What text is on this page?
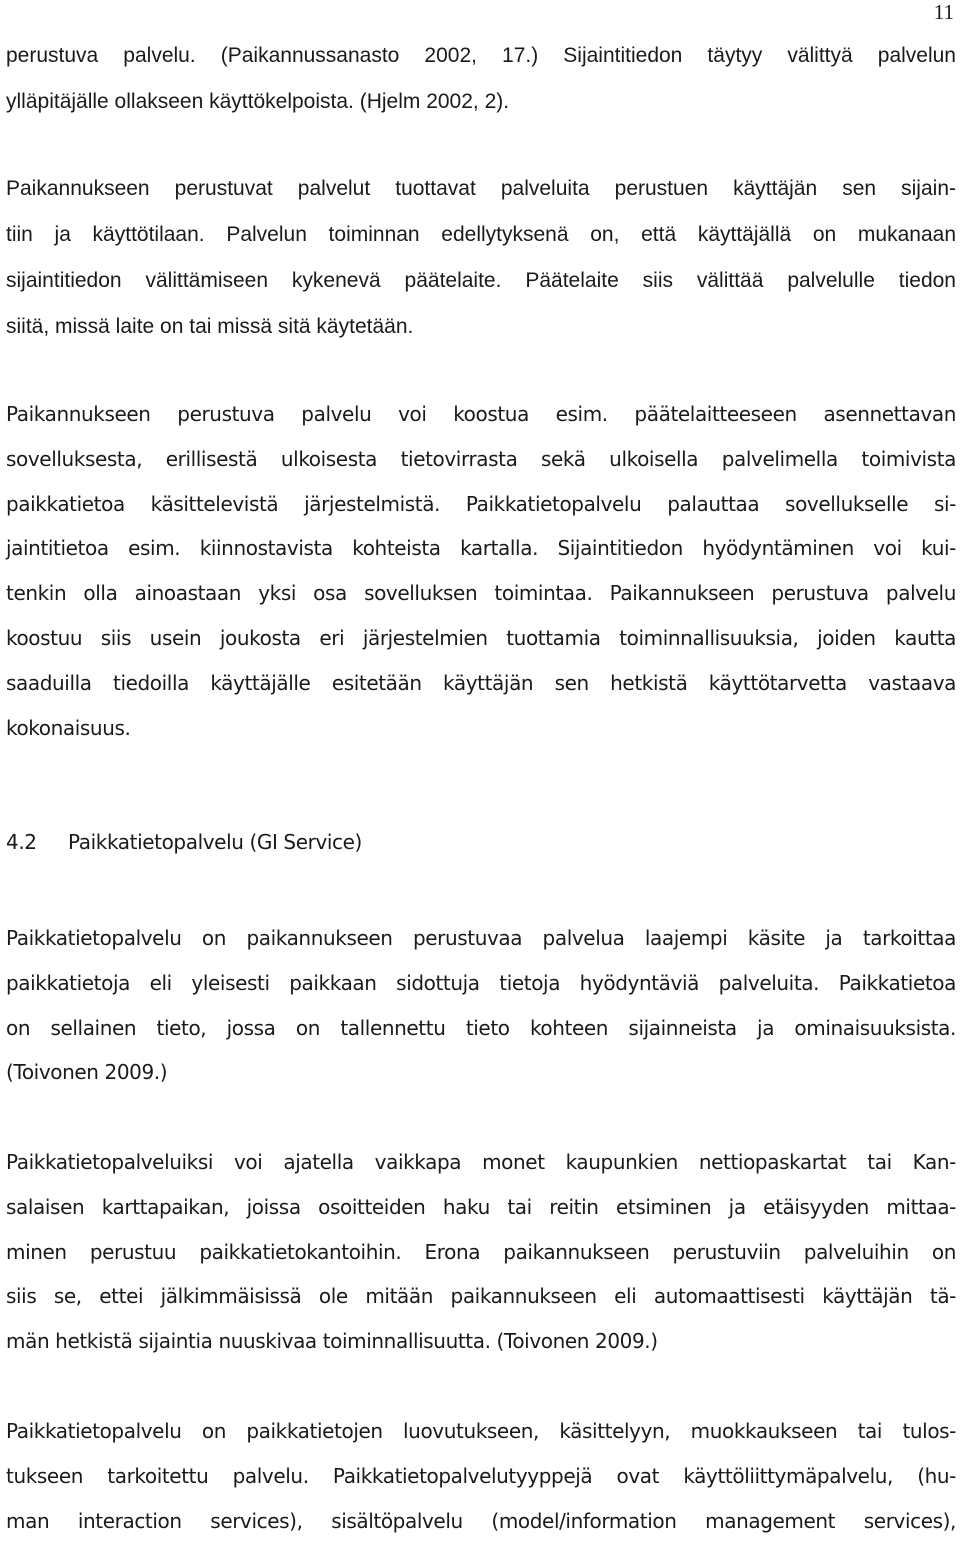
11
perustuva palvelu. (Paikannussanasto 2002, 17.) Sijaintitiedon täytyy välittyä palvelun
ylläpitäjälle ollakseen käyttökelpoista. (Hjelm 2002, 2).
Paikannukseen perustuvat palvelut tuottavat palveluita perustuen käyttäjän sen sijain-
tiin ja käyttötilaan. Palvelun toiminnan edellytyksenä on, että käyttäjällä on mukanaan
sijaintitiedon välittämiseen kykenevä päätelaite. Päätelaite siis välittää palvelulle tiedon
siitä, missä laite on tai missä sitä käytetään.
Paikannukseen perustuva palvelu voi koostua esim. päätelaitteeseen asennettavan
sovelluksesta, erillisestä ulkoisesta tietovirrasta sekä ulkoisella palvelimella toimivista
paikkatietoa käsittelevistä järjestelmistä. Paikkatietopalvelu palauttaa sovellukselle si-
jaintitietoa esim. kiinnostavista kohteista kartalla. Sijaintitiedon hyödyntäminen voi kui-
tenkin olla ainoastaan yksi osa sovelluksen toimintaa. Paikannukseen perustuva palvelu
koostuu siis usein joukosta eri järjestelmien tuottamia toiminnallisuuksia, joiden kautta
saaduilla tiedoilla käyttäjälle esitetään käyttäjän sen hetkistä käyttötarvetta vastaava
kokonaisuus.
4.2 Paikkatietopalvelu (GI Service)
Paikkatietopalvelu on paikannukseen perustuvaa palvelua laajempi käsite ja tarkoittaa
paikkatietoja eli yleisesti paikkaan sidottuja tietoja hyödyntäviä palveluita. Paikkatietoa
on sellainen tieto, jossa on tallennettu tieto kohteen sijainneista ja ominaisuuksista.
(Toivonen 2009.)
Paikkatietopalveluiksi voi ajatella vaikkapa monet kaupunkien nettiopaskartat tai Kan-
salaisen karttapaikan, joissa osoitteiden haku tai reitin etsiminen ja etäisyyden mittaa-
minen perustuu paikkatietokantoihin. Erona paikannukseen perustuviin palveluihin on
siis se, ettei jälkimmäisissä ole mitään paikannukseen eli automaattisesti käyttäjän tä-
män hetkistä sijaintia nuuskivaa toiminnallisuutta. (Toivonen 2009.)
Paikkatietopalvelu on paikkatietojen luovutukseen, käsittelyyn, muokkaukseen tai tulos-
tukseen tarkoitettu palvelu. Paikkatietopalvelutyyppejä ovat käyttöliittymäpalvelu, (hu-
man interaction services), sisältöpalvelu (model/information management services),
